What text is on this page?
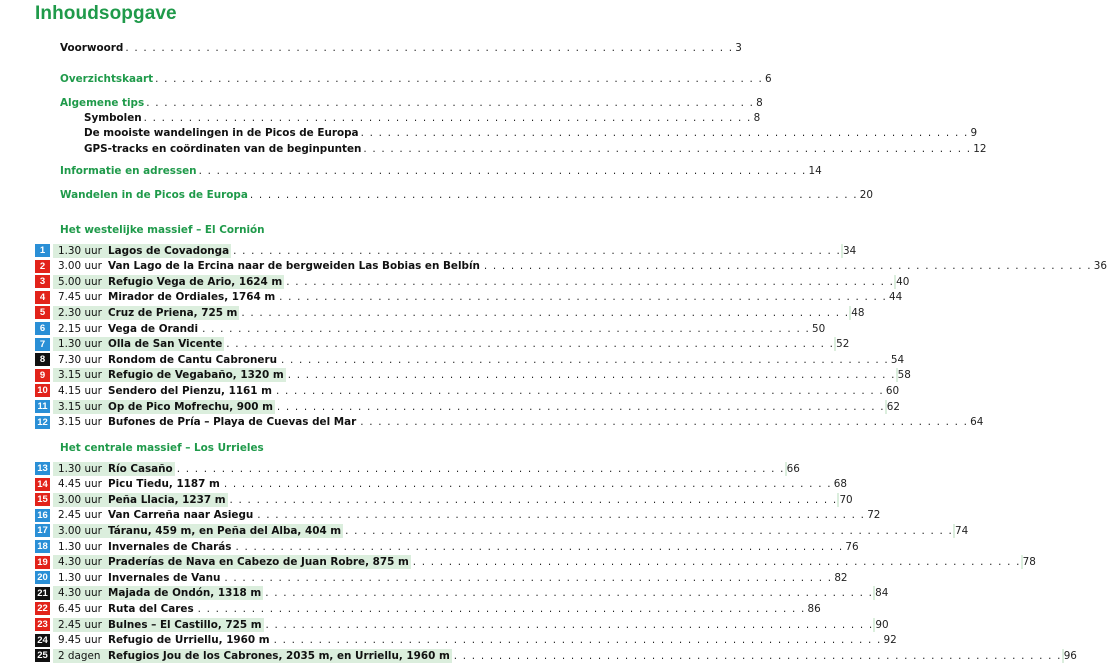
Inhoudsopgave
Voorwoord . . . . . . . . . . . . . . . . . . . . . . . . . . . . . . . . . . . . . . . . . . . . . . . . . . . . . . . . . . . . . . . . . . . . 3
Overzichtskaart . . . . . . . . . . . . . . . . . . . . . . . . . . . . . . . . . . . . . . . . . . . . . . . . . . . . . . . . . . . . . . . . . . . . 6
Algemene tips . . . . . . . . . . . . . . . . . . . . . . . . . . . . . . . . . . . . . . . . . . . . . . . . . . . . . . . . . . . . . . . . . . . . 8
Symbolen . . . . . . . . . . . . . . . . . . . . . . . . . . . . . . . . . . . . . . . . . . . . . . . . . . . . . . . . . . . . . . . . . . . . 8
De mooiste wandelingen in de Picos de Europa . . . . . . . . . . . . . . . . . . . . . . . . . . . . . . . . . . . . . . . . . . . . . . . . . . . . . . . . . . . . . . . . . . . . 9
GPS-tracks en coördinaten van de beginpunten . . . . . . . . . . . . . . . . . . . . . . . . . . . . . . . . . . . . . . . . . . . . . . . . . . . . . . . . . . . . . . . . . . . . 12
Informatie en adressen . . . . . . . . . . . . . . . . . . . . . . . . . . . . . . . . . . . . . . . . . . . . . . . . . . . . . . . . . . . . . . . . . . . . 14
Wandelen in de Picos de Europa . . . . . . . . . . . . . . . . . . . . . . . . . . . . . . . . . . . . . . . . . . . . . . . . . . . . . . . . . . . . . . . . . . . . 20
Het westelijke massief – El Cornión
1	1.30 uur Lagos de Covadonga . . . . . . . . . . . . . . . . . . . . . . . . . . . . . . . . . . . . . . . . . . . . . . . . . . . . . . . . . . . . . . . . . . . . 34
2	3.00 uur Van Lago de la Ercina naar de bergweiden Las Bobias en Belbín . . . . . . . . . . . . . . . . . . . . . . . . . . . . . . . . . . . . . . . . . . . . . . . . . . . . . . . . . . . . . . . . . . . . 36
3	5.00 uur Refugio Vega de Ario, 1624 m . . . . . . . . . . . . . . . . . . . . . . . . . . . . . . . . . . . . . . . . . . . . . . . . . . . . . . . . . . . . . . . . . . . . 40
4	7.45 uur Mirador de Ordiales, 1764 m . . . . . . . . . . . . . . . . . . . . . . . . . . . . . . . . . . . . . . . . . . . . . . . . . . . . . . . . . . . . . . . . . . . . 44
5	2.30 uur Cruz de Priena, 725 m . . . . . . . . . . . . . . . . . . . . . . . . . . . . . . . . . . . . . . . . . . . . . . . . . . . . . . . . . . . . . . . . . . . . 48
6	2.15 uur Vega de Orandi . . . . . . . . . . . . . . . . . . . . . . . . . . . . . . . . . . . . . . . . . . . . . . . . . . . . . . . . . . . . . . . . . . . . 50
7	1.30 uur Olla de San Vicente . . . . . . . . . . . . . . . . . . . . . . . . . . . . . . . . . . . . . . . . . . . . . . . . . . . . . . . . . . . . . . . . . . . . 52
8	7.30 uur Rondom de Cantu Cabroneru . . . . . . . . . . . . . . . . . . . . . . . . . . . . . . . . . . . . . . . . . . . . . . . . . . . . . . . . . . . . . . . . . . . . 54
9	3.15 uur Refugio de Vegabaño, 1320 m . . . . . . . . . . . . . . . . . . . . . . . . . . . . . . . . . . . . . . . . . . . . . . . . . . . . . . . . . . . . . . . . . . . . 58
10 4.15 uur Sendero del Pienzu, 1161 m . . . . . . . . . . . . . . . . . . . . . . . . . . . . . . . . . . . . . . . . . . . . . . . . . . . . . . . . . . . . . . . . . . . . 60
11	3.15 uur Op de Pico Mofrechu, 900 m . . . . . . . . . . . . . . . . . . . . . . . . . . . . . . . . . . . . . . . . . . . . . . . . . . . . . . . . . . . . . . . . . . . . 62
12 3.15 uur Bufones de Pría – Playa de Cuevas del Mar . . . . . . . . . . . . . . . . . . . . . . . . . . . . . . . . . . . . . . . . . . . . . . . . . . . . . . . . . . . . . . . . . . . . 64
Het centrale massief – Los Urrieles
13 1.30 uur Río Casaño . . . . . . . . . . . . . . . . . . . . . . . . . . . . . . . . . . . . . . . . . . . . . . . . . . . . . . . . . . . . . . . . . . . . 66
14 4.45 uur Picu Tiedu, 1187 m . . . . . . . . . . . . . . . . . . . . . . . . . . . . . . . . . . . . . . . . . . . . . . . . . . . . . . . . . . . . . . . . . . . . 68
15 3.00 uur Peña Llacia, 1237 m . . . . . . . . . . . . . . . . . . . . . . . . . . . . . . . . . . . . . . . . . . . . . . . . . . . . . . . . . . . . . . . . . . . . 70
16 2.45 uur Van Carreña naar Asiegu . . . . . . . . . . . . . . . . . . . . . . . . . . . . . . . . . . . . . . . . . . . . . . . . . . . . . . . . . . . . . . . . . . . . 72
17 3.00 uur Táranu, 459 m, en Peña del Alba, 404 m . . . . . . . . . . . . . . . . . . . . . . . . . . . . . . . . . . . . . . . . . . . . . . . . . . . . . . . . . . . . . . . . . . . . 74
18 1.30 uur Invernales de Charás . . . . . . . . . . . . . . . . . . . . . . . . . . . . . . . . . . . . . . . . . . . . . . . . . . . . . . . . . . . . . . . . . . . . 76
19 4.30 uur Praderías de Nava en Cabezo de Juan Robre, 875 m . . . . . . . . . . . . . . . . . . . . . . . . . . . . . . . . . . . . . . . . . . . . . . . . . . . . . . . . . . . . . . . . . . . . 78
20 1.30 uur Invernales de Vanu . . . . . . . . . . . . . . . . . . . . . . . . . . . . . . . . . . . . . . . . . . . . . . . . . . . . . . . . . . . . . . . . . . . . 82
21 4.30 uur Majada de Ondón, 1318 m . . . . . . . . . . . . . . . . . . . . . . . . . . . . . . . . . . . . . . . . . . . . . . . . . . . . . . . . . . . . . . . . . . . . 84
22 6.45 uur Ruta del Cares . . . . . . . . . . . . . . . . . . . . . . . . . . . . . . . . . . . . . . . . . . . . . . . . . . . . . . . . . . . . . . . . . . . . 86
23 2.45 uur Bulnes – El Castillo, 725 m . . . . . . . . . . . . . . . . . . . . . . . . . . . . . . . . . . . . . . . . . . . . . . . . . . . . . . . . . . . . . . . . . . . . 90
24 9.45 uur Refugio de Urriellu, 1960 m . . . . . . . . . . . . . . . . . . . . . . . . . . . . . . . . . . . . . . . . . . . . . . . . . . . . . . . . . . . . . . . . . . . . 92
25 2 dagen Refugios Jou de los Cabrones, 2035 m, en Urriellu, 1960 m . . . . . . . . . . . . . . . . . . . . . . . . . . . . . . . . . . . . . . . . . . . . . . . . . . . . . . . . . . . . . . . . . . . . 96
